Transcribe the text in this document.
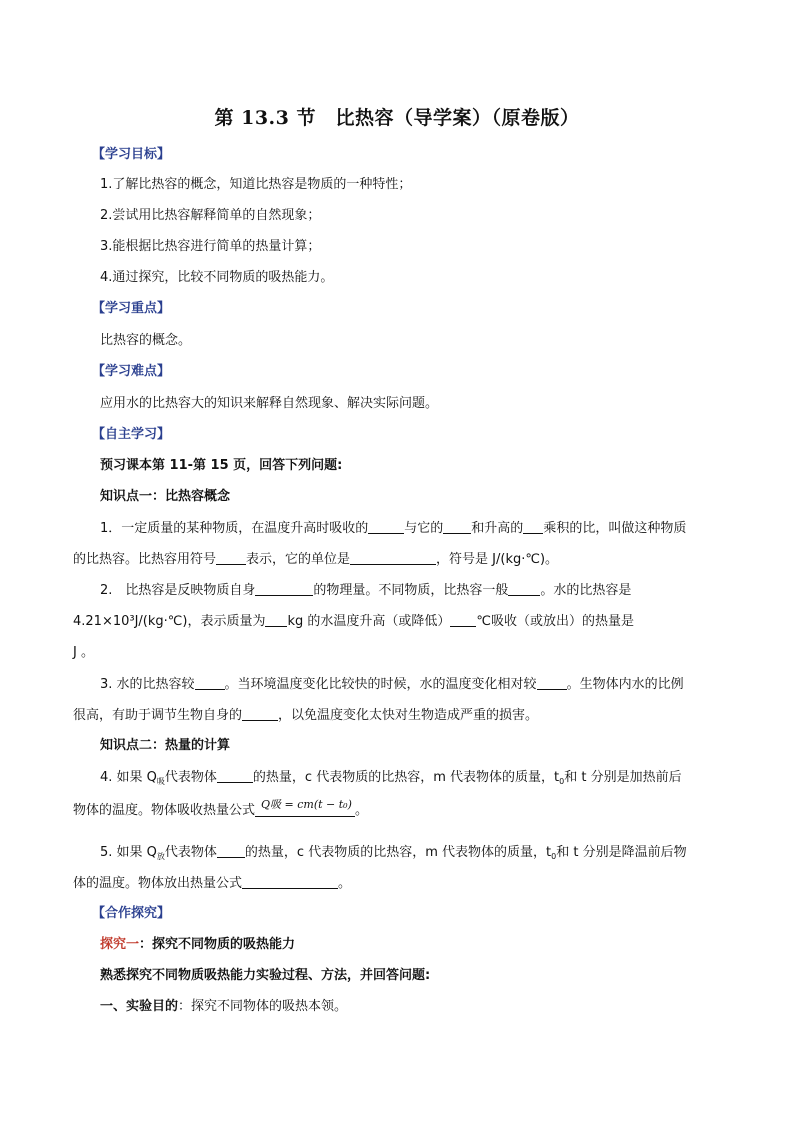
第 13.3 节　比热容（导学案）（原卷版）
【学习目标】
1.了解比热容的概念，知道比热容是物质的一种特性；
2.尝试用比热容解释简单的自然现象；
3.能根据比热容进行简单的热量计算；
4.通过探究，比较不同物质的吸热能力。
【学习重点】
比热容的概念。
【学习难点】
应用水的比热容大的知识来解释自然现象、解决实际问题。
【自主学习】
预习课本第 11-第 15 页，回答下列问题:
知识点一：比热容概念
1．一定质量的某种物质，在温度升高时吸收的	与它的 和升高的 乘积的比，叫做这种物质
的比热容。比热容用符号 表示，它的单位是	，符号是 J/(kg·℃)。
2.　比热容是反映物质自身	的物理量。不同物质，比热容一般 。水的比热容是
4.21×10³J/(kg·℃)，表示质量为 kg 的水温度升高（或降低） ℃吸收（或放出）的热量是
J 。
3. 水的比热容较 。当环境温度变化比较快的时候，水的温度变化相对较 。生物体内水的比例
很高，有助于调节生物自身的	，以免温度变化太快对生物造成严重的损害。
知识点二：热量的计算
4. 如果 $Q_吸$代表物体	的热量，c 代表物质的比热容，m 代表物体的质量，$t_0$和 t 分别是加热前后
物体的温度。物体吸收热量公式 Q吸 = cm(t − t₀) 。
5. 如果 $Q_放$代表物体 的热量，c 代表物质的比热容，m 代表物体的质量，$t_0$和 t 分别是降温前后物
体的温度。物体放出热量公式	。
【合作探究】
探究一：探究不同物质的吸热能力
熟悉探究不同物质吸热能力实验过程、方法，并回答问题:
一、实验目的：探究不同物体的吸热本领。
